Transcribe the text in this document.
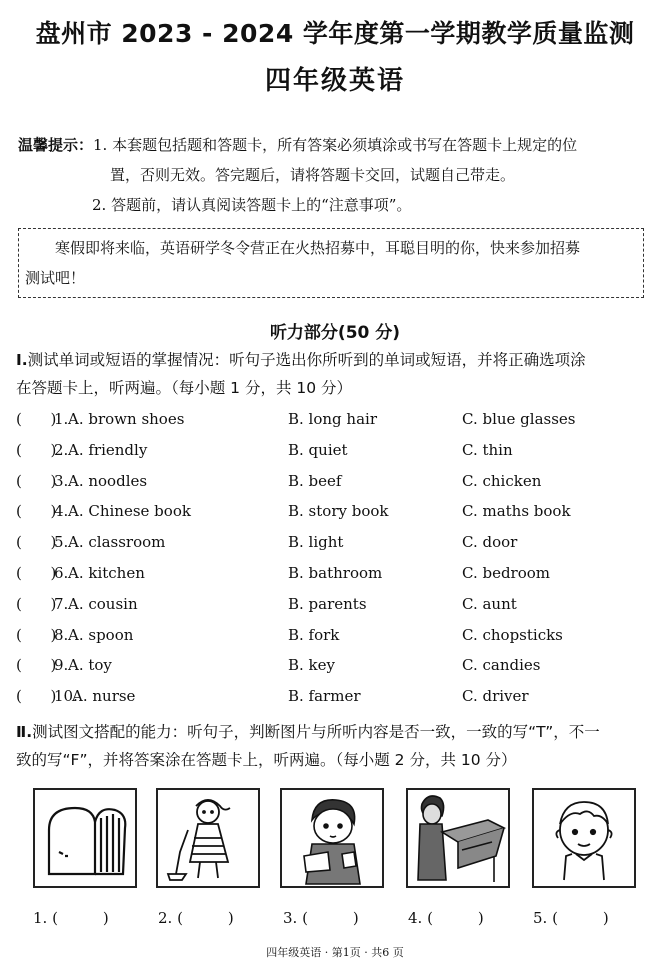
盘州市 2023 - 2024 学年度第一学期教学质量监测
四年级英语
温馨提示：1. 本套题包括题和答题卡，所有答案必须填涂或书写在答题卡上规定的位
置，否则无效。答完题后，请将答题卡交回，试题自己带走。
2. 答题前，请认真阅读答题卡上的“注意事项”。
寒假即将来临，英语研学冬令营正在火热招募中，耳聪目明的你，快来参加招募
测试吧！
听力部分(50 分)
Ⅰ.测试单词或短语的掌握情况：听句子选出你所听到的单词或短语，并将正确选项涂
在答题卡上，听两遍。（每小题 1 分，共 10 分）
(      )
1. A. brown shoes	B. long hair	C. blue glasses
(      )
2. A. friendly	B. quiet	C. thin
(      )
3. A. noodles	B. beef	C. chicken
(      )
4. A. Chinese book	B. story book	C. maths book
(      )
5. A. classroom	B. light	C. door
(      )
6. A. kitchen	B. bathroom	C. bedroom
(      )
7. A. cousin	B. parents	C. aunt
(      )
8. A. spoon	B. fork	C. chopsticks
(      )
9. A. toy	B. key	C. candies
(      )
10.
A. nurse	B. farmer	C. driver
Ⅱ.测试图文搭配的能力：听句子，判断图片与所听内容是否一致，一致的写“T”，不一
致的写“F”，并将答案涂在答题卡上，听两遍。（每小题 2 分，共 10 分）
1. (　　　)	2. (　　　)	3. (　　　)	4. (　　　)	5. (　　　)
四年级英语 · 第1页 · 共6 页
